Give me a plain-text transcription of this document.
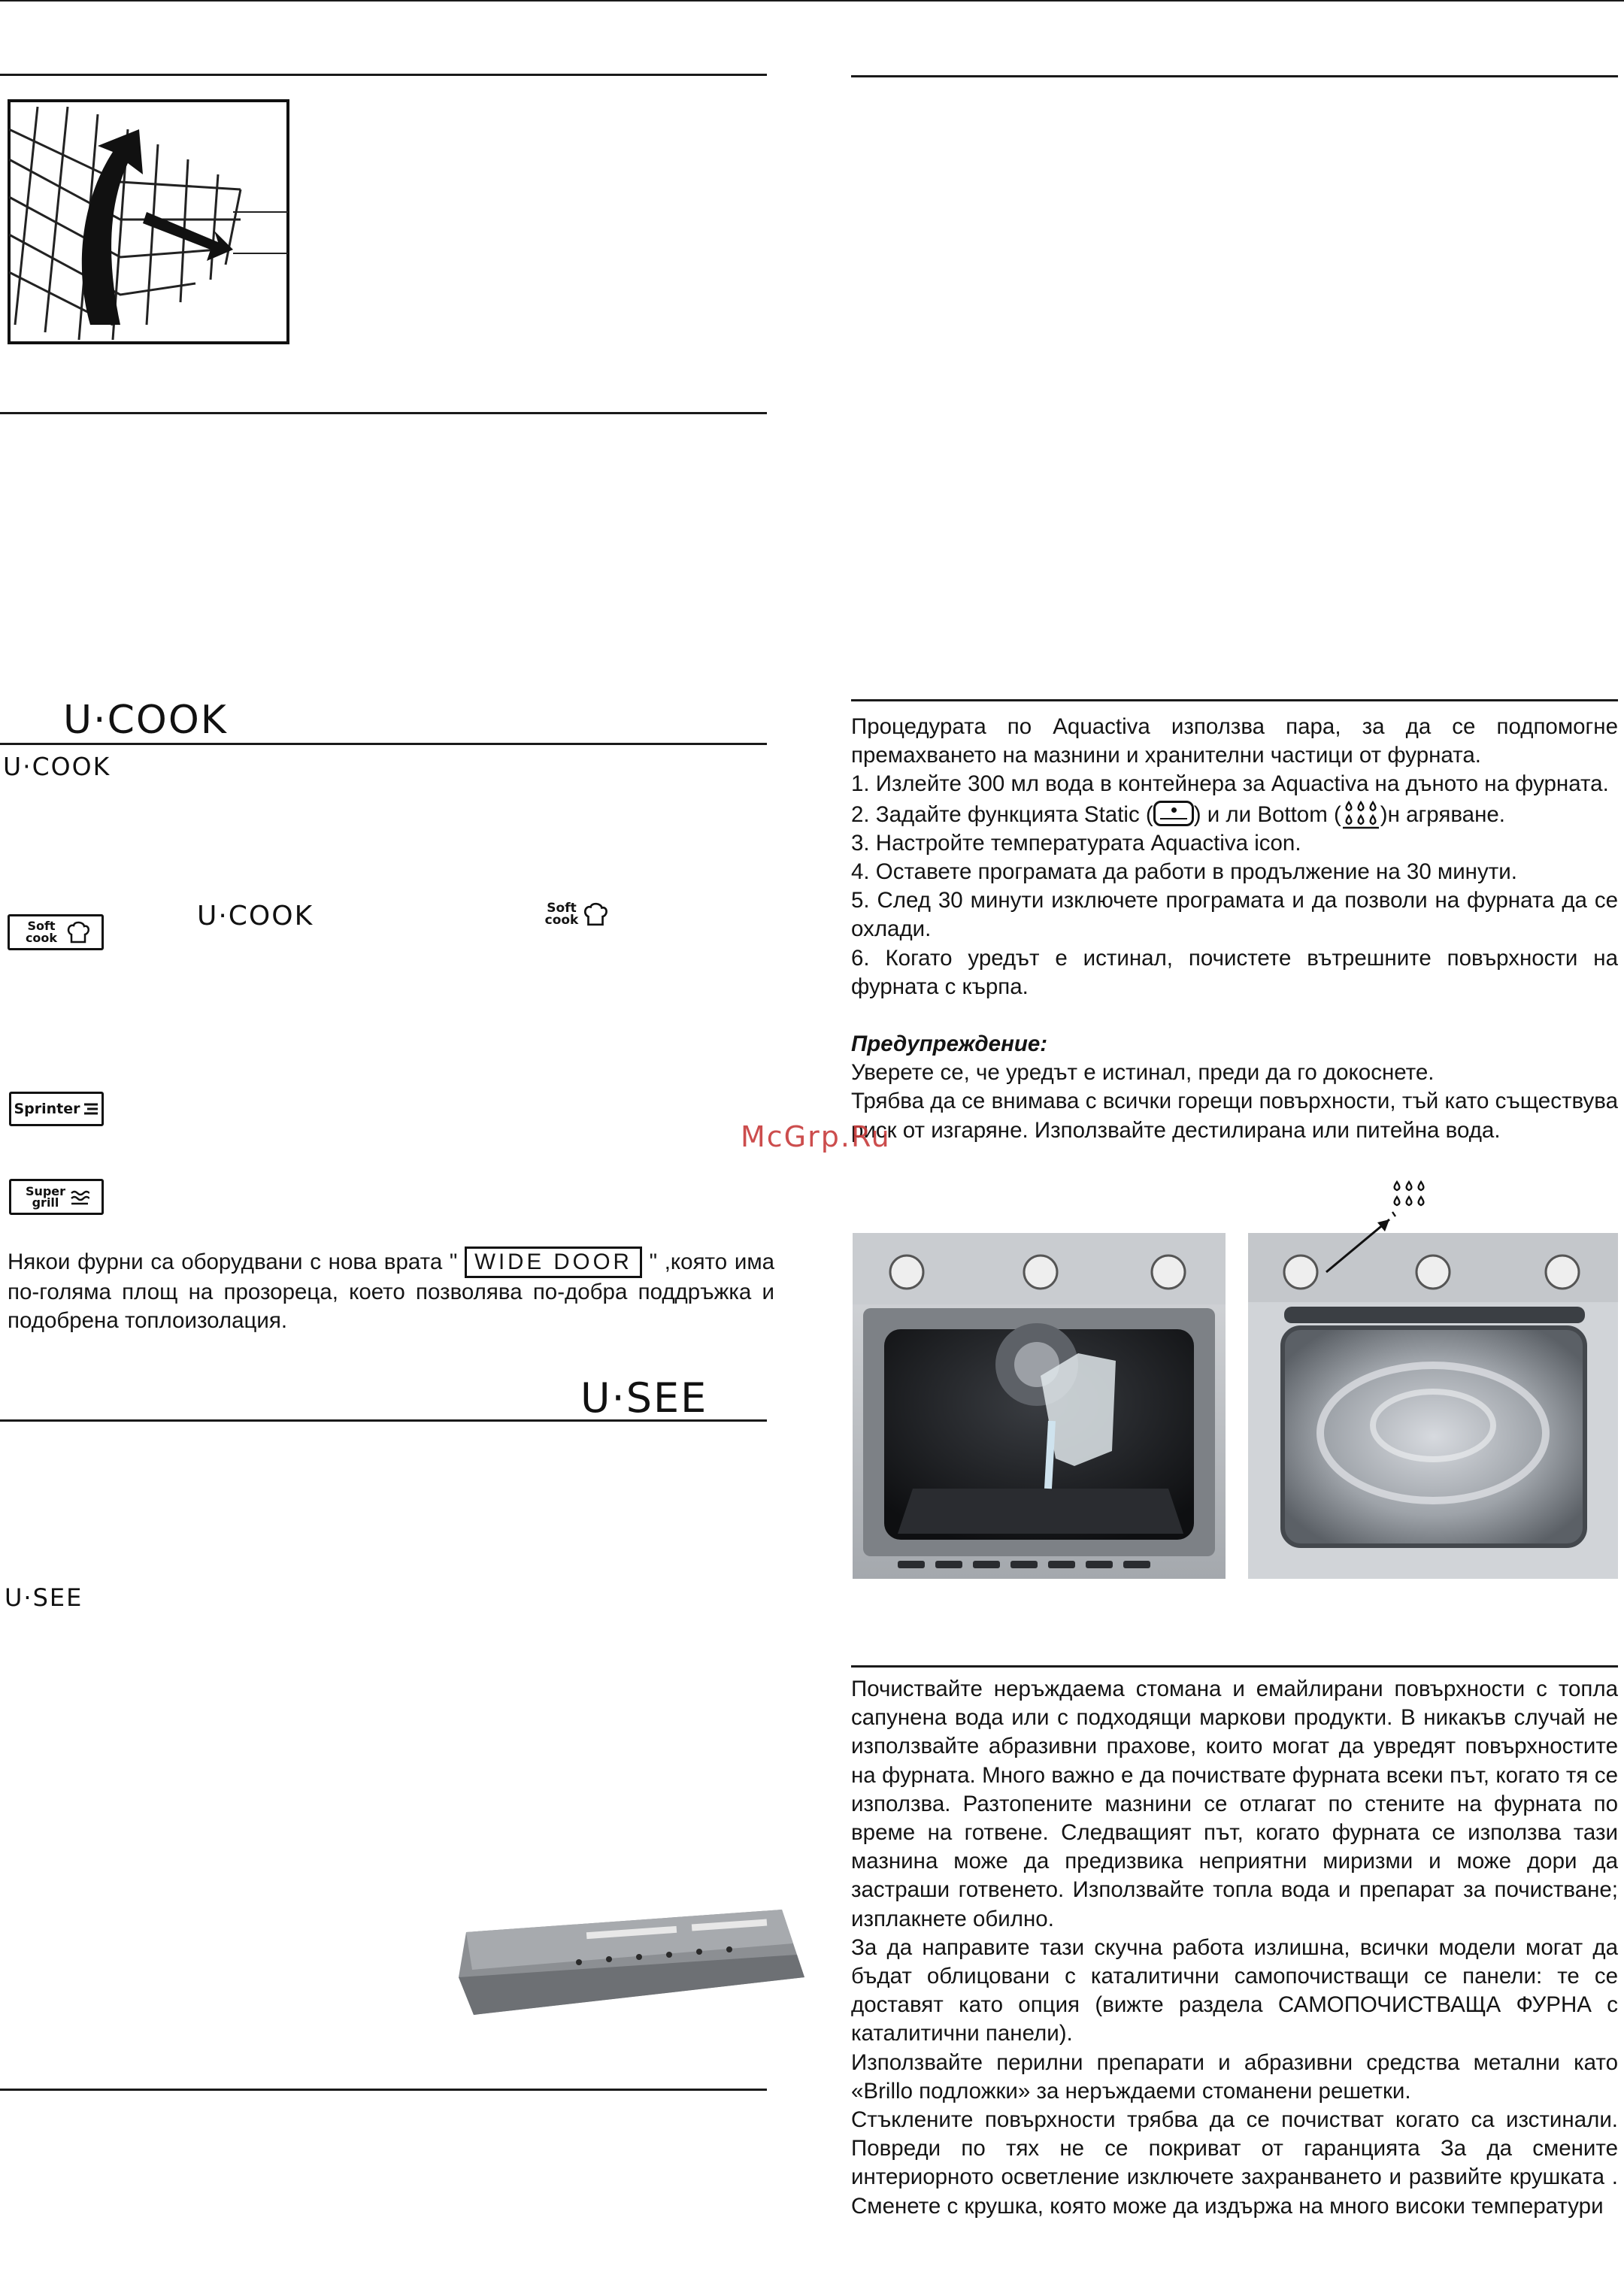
U·COOK
U·COOK
U·COOK
Soft cook
Soft cook
Sprinter
Super grill
Някои фурни са оборудвани с нова врата " WIDE DOOR " ,която има по-голяма площ на прозореца, което позволява по-добра поддръжка и подобрена топлоизолация.
U·SEE
U·SEE

Процедурата по Aquactiva използва пара, за да се подпомогне премахването на мазнини и хранителни частици от фурната.

1. Излейте 300 мл вода в контейнера за Aquactiva на дъното на фурната.

2. Задайте функцията Static ( ) и ли Bottom ( )н агряване.

3. Настройте температурата Aquactiva icon.

4. Оставете програмата да работи в продължение на 30 минути.

5. След 30 минути изключете програмата и да позволи на фурната да се охлади.

6. Когато уредът е истинал, почистете вътрешните повърхности на фурната с кърпа.

Предупреждение:

Уверете се, че уредът е истинал, преди да го докоснете.

Трябва да се внимава с всички горещи повърхности, тъй като съществува риск от изгаряне. Използвайте дестилирана или питейна вода.

McGrp.Ru

Почиствайте неръждаема стомана и емайлирани повърхности с топла сапунена вода или с подходящи маркови продукти. В никакъв случай не използвайте абразивни прахове, които могат да увредят повърхностите на фурната. Много важно е да почиствате фурната всеки път, когато тя се използва. Разтопените мазнини се отлагат по стените на фурната по време на готвене. Следващият път, когато фурната се използва тази мазнина може да предизвика неприятни миризми и може дори да застраши готвенето. Използвайте топла вода и препарат за почистване; изплакнете обилно.

За да направите тази скучна работа излишна, всички модели могат да бъдат облицовани с каталитични самопочистващи се панели: те се доставят като опция (вижте раздела САМОПОЧИСТВАЩА ФУРНА с каталитични панели).

Използвайте перилни препарати и абразивни средства метални като «Brillo подложки» за неръждаеми стоманени решетки.

Стъклените повърхности трябва да се почистват когато са изстинали. Повреди по тях не се покриват от гаранцията За да смените интериорното осветление изключете захранването и развийте крушката . Сменете с крушка, която може да издържа на много високи температури
